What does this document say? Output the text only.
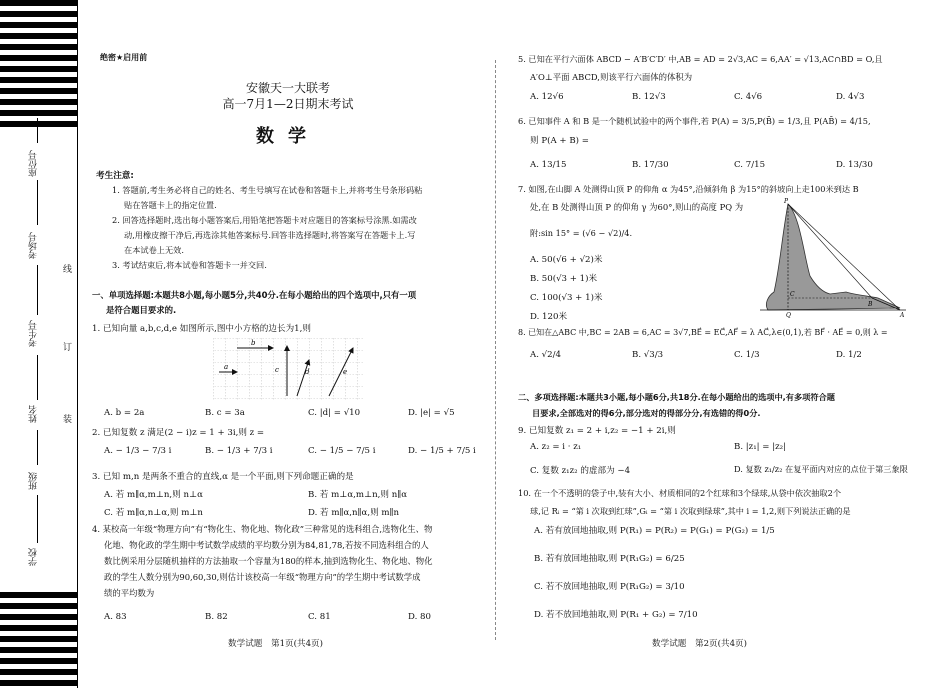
座位号
考场号
考生号
姓名
班级
学校
线
订
装
绝密★启用前
安徽天一大联考
高一7月1—2日期末考试
数学
考生注意:
1. 答题前,考生务必将自己的姓名、考生号填写在试卷和答题卡上,并将考生号条形码粘
贴在答题卡上的指定位置.
2. 回答选择题时,选出每小题答案后,用铅笔把答题卡对应题目的答案标号涂黑.如需改
动,用橡皮擦干净后,再选涂其他答案标号.回答非选择题时,将答案写在答题卡上.写
在本试卷上无效.
3. 考试结束后,将本试卷和答题卡一并交回.
一、单项选择题:本题共8小题,每小题5分,共40分.在每小题给出的四个选项中,只有一项
是符合题目要求的.
1. 已知向量 a,b,c,d,e 如图所示,图中小方格的边长为1,则
b
a	c	d	e
A. b = 2a	B. c = 3a	C. |d| = √10	D. |e| = √5
2. 已知复数 z 满足(2 − i)z = 1 + 3i,则 z =
A. − 1/3 − 7/3 i	B. − 1/3 + 7/3 i	C. − 1/5 − 7/5 i	D. − 1/5 + 7/5 i
3. 已知 m,n 是两条不重合的直线,α 是一个平面,则下列命题正确的是
A. 若 m∥α,m⊥n,则 n⊥α	B. 若 m⊥α,m⊥n,则 n∥α
C. 若 m∥α,n⊥α,则 m⊥n	D. 若 m∥α,n∥α,则 m∥n
4. 某校高一年级“物理方向”有“物化生、物化地、物化政”三种常见的选科组合,选物化生、物
化地、物化政的学生期中考试数学成绩的平均数分别为84,81,78,若按不同选科组合的人
数比例采用分层随机抽样的方法抽取一个容量为180的样本,抽到选物化生、物化地、物化
政的学生人数分别为90,60,30,则估计该校高一年级“物理方向”的学生期中考试数学成
绩的平均数为
A. 83	B. 82	C. 81	D. 80
数学试题　第1页(共4页)
5. 已知在平行六面体 ABCD − A′B′C′D′ 中,AB = AD = 2√3,AC = 6,AA′ = √13,AC∩BD = O,且
A′O⊥平面 ABCD,则该平行六面体的体积为
A. 12√6	B. 12√3	C. 4√6	D. 4√3
6. 已知事件 A 和 B 是一个随机试验中的两个事件,若 P(A) = 3/5,P(B̄) = 1/3,且 P(AB̄) = 4/15,
则 P(A + B) =
A. 13/15	B. 17/30	C. 7/15	D. 13/30
7. 如图,在山脚 A 处测得山顶 P 的仰角 α 为45°,沿倾斜角 β 为15°的斜坡向上走100米到达 B
处,在 B 处测得山顶 P 的仰角 γ 为60°,则山的高度 PQ 为
附:sin 15° = (√6 − √2)/4.
A. 50(√6 + √2)米
B. 50(√3 + 1)米
C. 100(√3 + 1)米
D. 120米
P
Q
C
B
A
8. 已知在△ABC 中,BC = 2AB = 6,AC = 3√7,BE⃗ = EC⃗,AF⃗ = λ AC⃗,λ∈(0,1),若 BF⃗ · AE⃗ = 0,则 λ =
A. √2/4	B. √3/3	C. 1/3	D. 1/2
二、多项选择题:本题共3小题,每小题6分,共18分.在每小题给出的选项中,有多项符合题
目要求,全部选对的得6分,部分选对的得部分分,有选错的得0分.
9. 已知复数 z₁ = 2 + i,z₂ = −1 + 2i,则
A. z₂ = i · z₁	B. |z₁| = |z₂|
C. 复数 z₁z₂ 的虚部为 −4	D. 复数 z₁/z₂ 在复平面内对应的点位于第三象限
10. 在一个不透明的袋子中,装有大小、材质相同的2个红球和3个绿球,从袋中依次抽取2个
球,记 Rᵢ = “第 i 次取到红球”,Gᵢ = “第 i 次取到绿球”,其中 i = 1,2,则下列说法正确的是
A. 若有放回地抽取,则 P(R₁) = P(R₂) = P(G₁) = P(G₂) = 1/5
B. 若有放回地抽取,则 P(R₁G₂) = 6/25
C. 若不放回地抽取,则 P(R₁G₂) = 3/10
D. 若不放回地抽取,则 P(R₁ + G₂) = 7/10
数学试题　第2页(共4页)
